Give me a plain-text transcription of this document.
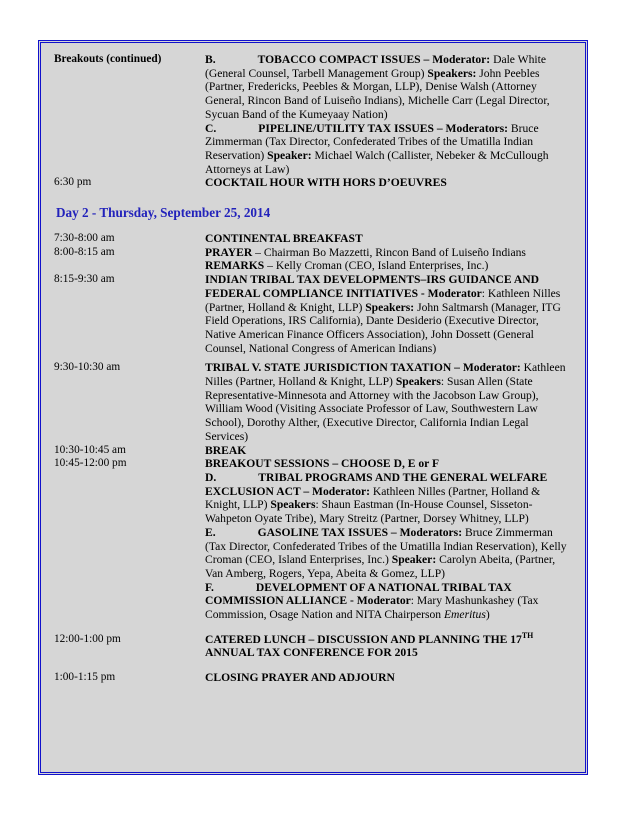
Breakouts (continued)	B.	TOBACCO COMPACT ISSUES – Moderator: Dale White (General Counsel, Tarbell Management Group) Speakers: John Peebles (Partner, Fredericks, Peebles & Morgan, LLP), Denise Walsh (Attorney General, Rincon Band of Luiseño Indians), Michelle Carr (Legal Director, Sycuan Band of the Kumeyaay Nation)
C.	PIPELINE/UTILITY TAX ISSUES – Moderators: Bruce Zimmerman (Tax Director, Confederated Tribes of the Umatilla Indian Reservation) Speaker: Michael Walch (Callister, Nebeker & McCullough Attorneys at Law)
6:30 pm	COCKTAIL HOUR WITH HORS D’OEUVRES
Day 2 - Thursday, September 25, 2014
7:30-8:00 am	CONTINENTAL BREAKFAST
8:00-8:15 am	PRAYER – Chairman Bo Mazzetti, Rincon Band of Luiseño Indians
REMARKS – Kelly Croman (CEO, Island Enterprises, Inc.)
8:15-9:30 am	INDIAN TRIBAL TAX DEVELOPMENTS–IRS GUIDANCE AND FEDERAL COMPLIANCE INITIATIVES - Moderator: Kathleen Nilles (Partner, Holland & Knight, LLP) Speakers: John Saltmarsh (Manager, ITG Field Operations, IRS California), Dante Desiderio (Executive Director, Native American Finance Officers Association), John Dossett (General Counsel, National Congress of American Indians)
9:30-10:30 am	TRIBAL V. STATE JURISDICTION TAXATION – Moderator: Kathleen Nilles (Partner, Holland & Knight, LLP) Speakers: Susan Allen (State Representative-Minnesota and Attorney with the Jacobson Law Group), William Wood (Visiting Associate Professor of Law, Southwestern Law School), Dorothy Alther, (Executive Director, California Indian Legal Services)
10:30-10:45 am	BREAK
10:45-12:00 pm	BREAKOUT SESSIONS – CHOOSE D, E or F
D.	TRIBAL PROGRAMS AND THE GENERAL WELFARE EXCLUSION ACT – Moderator: Kathleen Nilles (Partner, Holland & Knight, LLP) Speakers: Shaun Eastman (In-House Counsel, Sisseton-Wahpeton Oyate Tribe), Mary Streitz (Partner, Dorsey Whitney, LLP)
E.	GASOLINE TAX ISSUES – Moderators: Bruce Zimmerman (Tax Director, Confederated Tribes of the Umatilla Indian Reservation), Kelly Croman (CEO, Island Enterprises, Inc.) Speaker: Carolyn Abeita, (Partner, Van Amberg, Rogers, Yepa, Abeita & Gomez, LLP)
F.	DEVELOPMENT OF A NATIONAL TRIBAL TAX COMMISSION ALLIANCE - Moderator: Mary Mashunkashey (Tax Commission, Osage Nation and NITA Chairperson Emeritus)
12:00-1:00 pm	CATERED LUNCH – DISCUSSION AND PLANNING THE 17TH ANNUAL TAX CONFERENCE FOR 2015
1:00-1:15 pm	CLOSING PRAYER AND ADJOURN
